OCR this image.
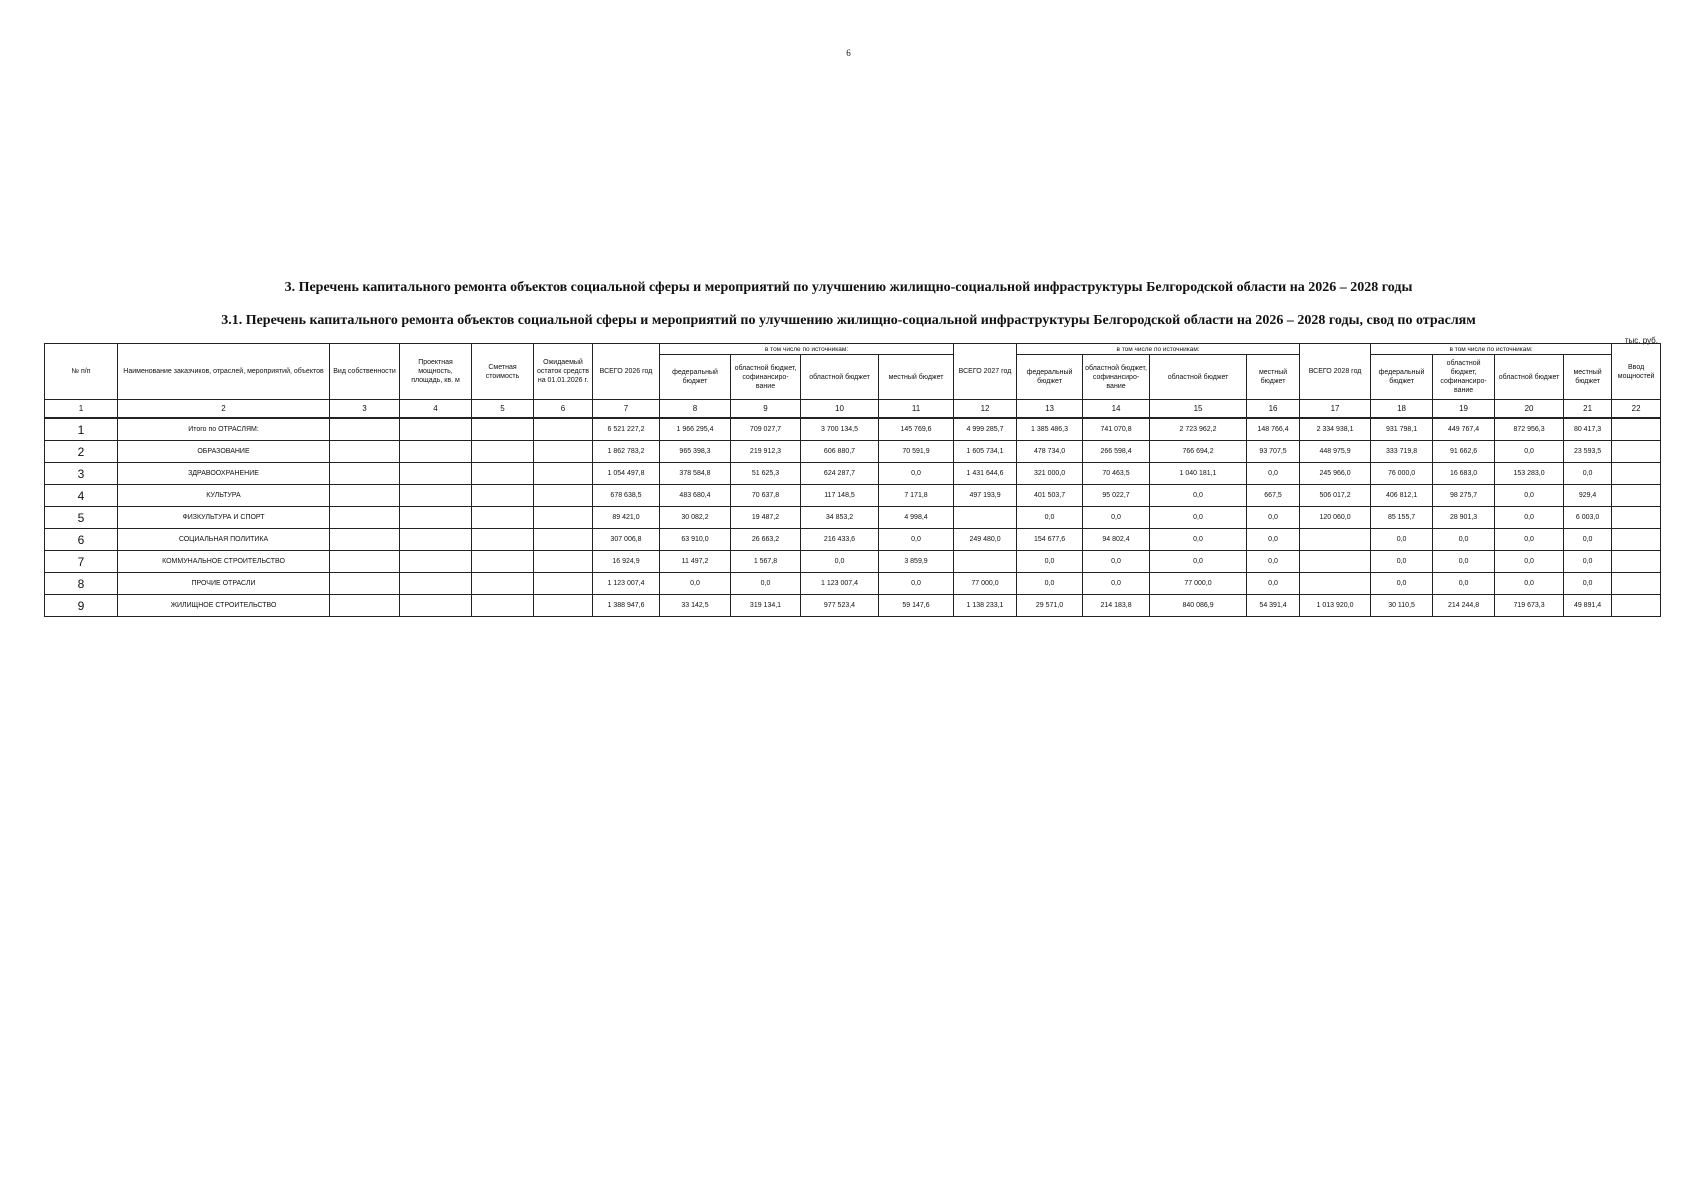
6
3. Перечень капитального ремонта объектов социальной сферы и мероприятий по улучшению жилищно-социальной инфраструктуры Белгородской области на 2026 – 2028 годы
3.1. Перечень капитального ремонта объектов социальной сферы и мероприятий по улучшению жилищно-социальной инфраструктуры Белгородской области на 2026 – 2028 годы, свод по отраслям
тыс. руб.
№ п/п	Наименование заказчиков, отраслей, мероприятий, объектов	Вид собственности	Проектная мощность, площадь, кв. м	Сметная стоимость	Ожидаемый остаток средств на 01.01.2026 г.	ВСЕГО 2026 год	в том числе по источникам:				ВСЕГО 2027 год	в том числе по источникам:				ВСЕГО 2028 год	в том числе по источникам:				Ввод мощностей
							федеральный бюджет	областной бюджет, софинансиро-вание	областной бюджет	местный бюджет		федеральный бюджет	областной бюджет, софинансиро-вание	областной бюджет	местный бюджет		федеральный бюджет	областной бюджет, софинансиро-вание	областной бюджет	местный бюджет	
1	2	3	4	5	6	7	8	9	10	11	12	13	14	15	16	17	18	19	20	21	22
1	Итого по ОТРАСЛЯМ:					6 521 227,2	1 966 295,4	709 027,7	3 700 134,5	145 769,6	4 999 285,7	1 385 486,3	741 070,8	2 723 962,2	148 766,4	2 334 938,1	931 798,1	449 767,4	872 956,3	80 417,3	
2	ОБРАЗОВАНИЕ					1 862 783,2	965 398,3	219 912,3	606 880,7	70 591,9	1 605 734,1	478 734,0	266 598,4	766 694,2	93 707,5	448 975,9	333 719,8	91 662,6	0,0	23 593,5	
3	ЗДРАВООХРАНЕНИЕ					1 054 497,8	378 584,8	51 625,3	624 287,7	0,0	1 431 644,6	321 000,0	70 463,5	1 040 181,1	0,0	245 966,0	76 000,0	16 683,0	153 283,0	0,0	
4	КУЛЬТУРА					678 638,5	483 680,4	70 637,8	117 148,5	7 171,8	497 193,9	401 503,7	95 022,7	0,0	667,5	506 017,2	406 812,1	98 275,7	0,0	929,4	
5	ФИЗКУЛЬТУРА И СПОРТ					89 421,0	30 082,2	19 487,2	34 853,2	4 998,4		0,0	0,0	0,0	0,0	120 060,0	85 155,7	28 901,3	0,0	6 003,0	
6	СОЦИАЛЬНАЯ ПОЛИТИКА					307 006,8	63 910,0	26 663,2	216 433,6	0,0	249 480,0	154 677,6	94 802,4	0,0	0,0		0,0	0,0	0,0	0,0	
7	КОММУНАЛЬНОЕ СТРОИТЕЛЬСТВО					16 924,9	11 497,2	1 567,8	0,0	3 859,9		0,0	0,0	0,0	0,0		0,0	0,0	0,0	0,0	
8	ПРОЧИЕ ОТРАСЛИ					1 123 007,4	0,0	0,0	1 123 007,4	0,0	77 000,0	0,0	0,0	77 000,0	0,0		0,0	0,0	0,0	0,0	
9	ЖИЛИЩНОЕ СТРОИТЕЛЬСТВО					1 388 947,6	33 142,5	319 134,1	977 523,4	59 147,6	1 138 233,1	29 571,0	214 183,8	840 086,9	54 391,4	1 013 920,0	30 110,5	214 244,8	719 673,3	49 891,4	
